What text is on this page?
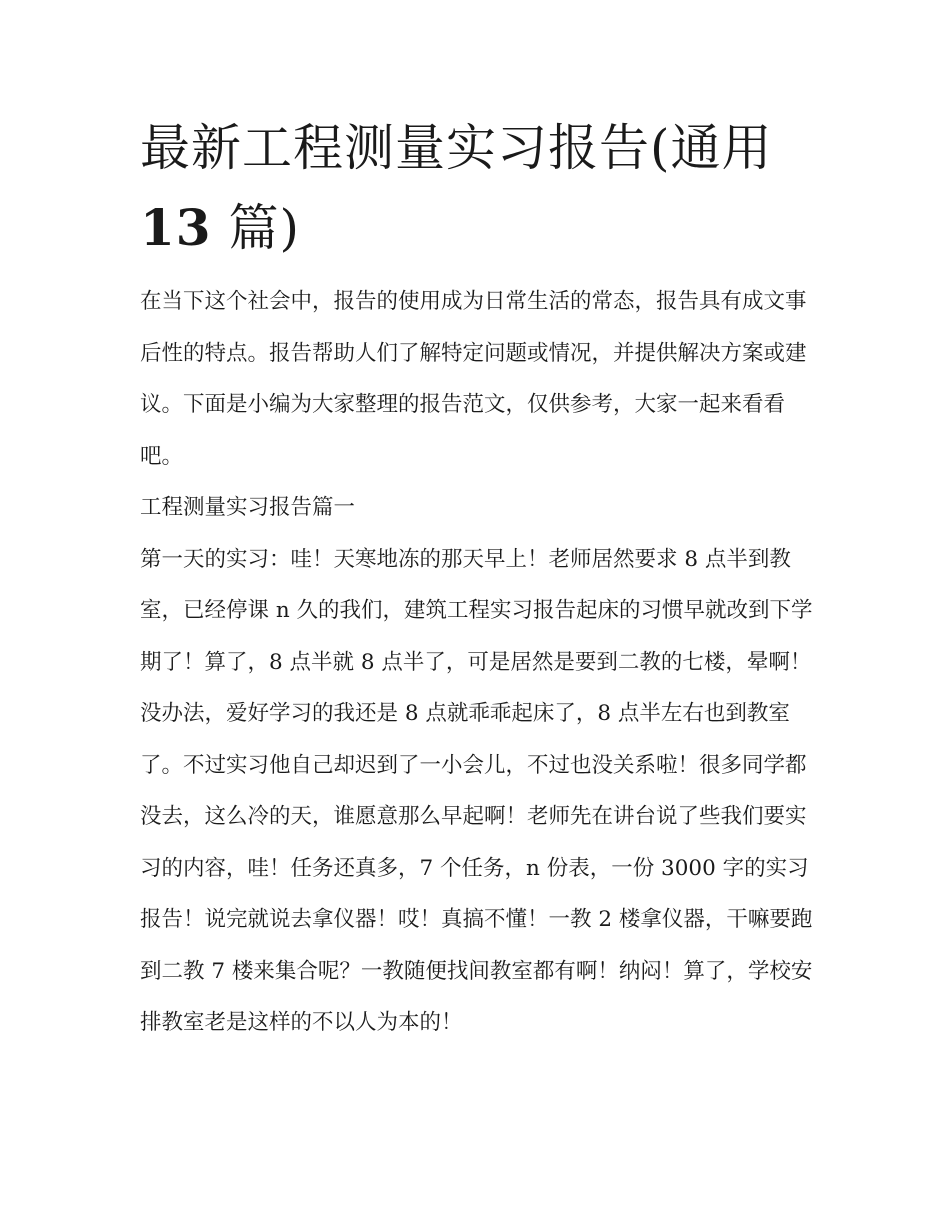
最新工程测量实习报告(通用
13 篇)

在当下这个社会中，报告的使用成为日常生活的常态，报告具有成文事后性的特点。报告帮助人们了解特定问题或情况，并提供解决方案或建议。下面是小编为大家整理的报告范文，仅供参考，大家一起来看看吧。

工程测量实习报告篇一

第一天的实习：哇！天寒地冻的那天早上！老师居然要求 8 点半到教室，已经停课 n 久的我们，建筑工程实习报告起床的习惯早就改到下学期了！算了，8 点半就 8 点半了，可是居然是要到二教的七楼，晕啊！没办法，爱好学习的我还是 8 点就乖乖起床了，8 点半左右也到教室了。不过实习他自己却迟到了一小会儿，不过也没关系啦！很多同学都没去，这么冷的天，谁愿意那么早起啊！老师先在讲台说了些我们要实习的内容，哇！任务还真多，7 个任务，n 份表，一份 3000 字的实习报告！说完就说去拿仪器！哎！真搞不懂！一教 2 楼拿仪器，干嘛要跑到二教 7 楼来集合呢？一教随便找间教室都有啊！纳闷！算了，学校安排教室老是这样的不以人为本的！
